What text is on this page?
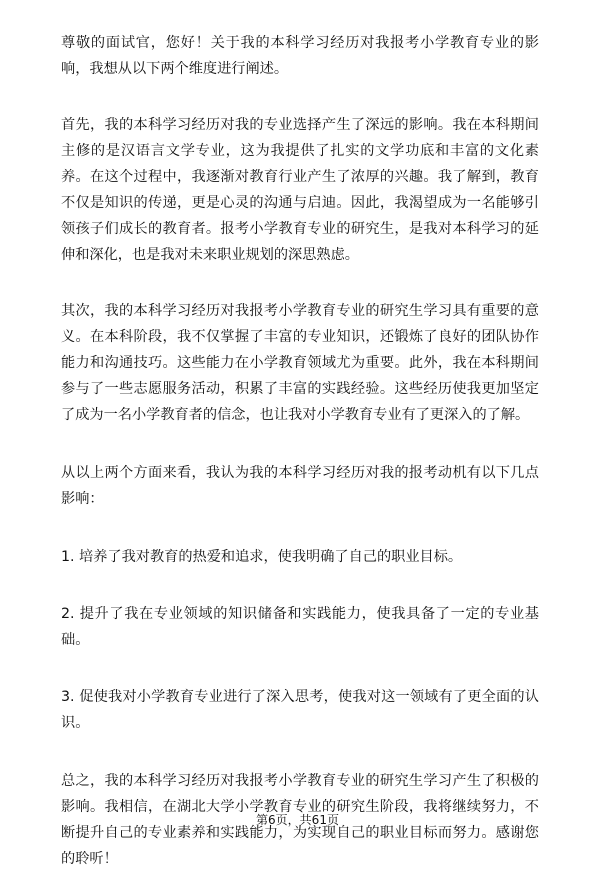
尊敬的面试官，您好！关于我的本科学习经历对我报考小学教育专业的影响，我想从以下两个维度进行阐述。

首先，我的本科学习经历对我的专业选择产生了深远的影响。我在本科期间主修的是汉语言文学专业，这为我提供了扎实的文学功底和丰富的文化素养。在这个过程中，我逐渐对教育行业产生了浓厚的兴趣。我了解到，教育不仅是知识的传递，更是心灵的沟通与启迪。因此，我渴望成为一名能够引领孩子们成长的教育者。报考小学教育专业的研究生，是我对本科学习的延伸和深化，也是我对未来职业规划的深思熟虑。

其次，我的本科学习经历对我报考小学教育专业的研究生学习具有重要的意义。在本科阶段，我不仅掌握了丰富的专业知识，还锻炼了良好的团队协作能力和沟通技巧。这些能力在小学教育领域尤为重要。此外，我在本科期间参与了一些志愿服务活动，积累了丰富的实践经验。这些经历使我更加坚定了成为一名小学教育者的信念，也让我对小学教育专业有了更深入的了解。

从以上两个方面来看，我认为我的本科学习经历对我的报考动机有以下几点影响：

1. 培养了我对教育的热爱和追求，使我明确了自己的职业目标。

2. 提升了我在专业领域的知识储备和实践能力，使我具备了一定的专业基础。

3. 促使我对小学教育专业进行了深入思考，使我对这一领域有了更全面的认识。

总之，我的本科学习经历对我报考小学教育专业的研究生学习产生了积极的影响。我相信，在湖北大学小学教育专业的研究生阶段，我将继续努力，不断提升自己的专业素养和实践能力，为实现自己的职业目标而努力。感谢您的聆听！

第6页，共61页
